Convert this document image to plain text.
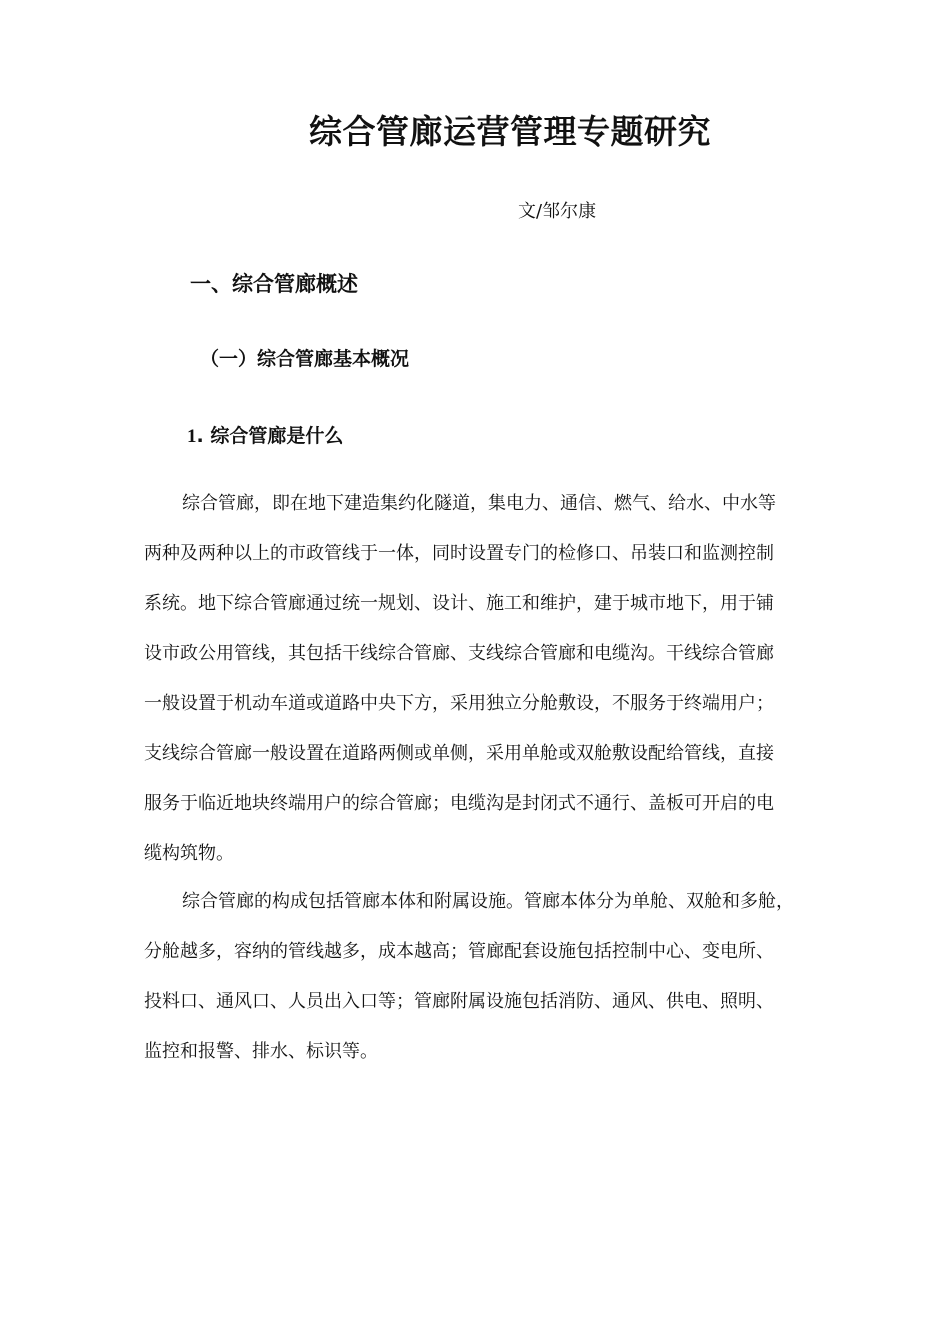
综合管廊运营管理专题研究
文/邹尔康
一、综合管廊概述
（一）综合管廊基本概况
1. 综合管廊是什么
综合管廊，即在地下建造集约化隧道，集电力、通信、燃气、给水、中水等
两种及两种以上的市政管线于一体，同时设置专门的检修口、吊装口和监测控制
系统。地下综合管廊通过统一规划、设计、施工和维护，建于城市地下，用于铺
设市政公用管线，其包括干线综合管廊、支线综合管廊和电缆沟。干线综合管廊
一般设置于机动车道或道路中央下方，采用独立分舱敷设，不服务于终端用户；
支线综合管廊一般设置在道路两侧或单侧，采用单舱或双舱敷设配给管线，直接
服务于临近地块终端用户的综合管廊；电缆沟是封闭式不通行、盖板可开启的电
缆构筑物。
综合管廊的构成包括管廊本体和附属设施。管廊本体分为单舱、双舱和多舱，
分舱越多，容纳的管线越多，成本越高；管廊配套设施包括控制中心、变电所、
投料口、通风口、人员出入口等；管廊附属设施包括消防、通风、供电、照明、
监控和报警、排水、标识等。
